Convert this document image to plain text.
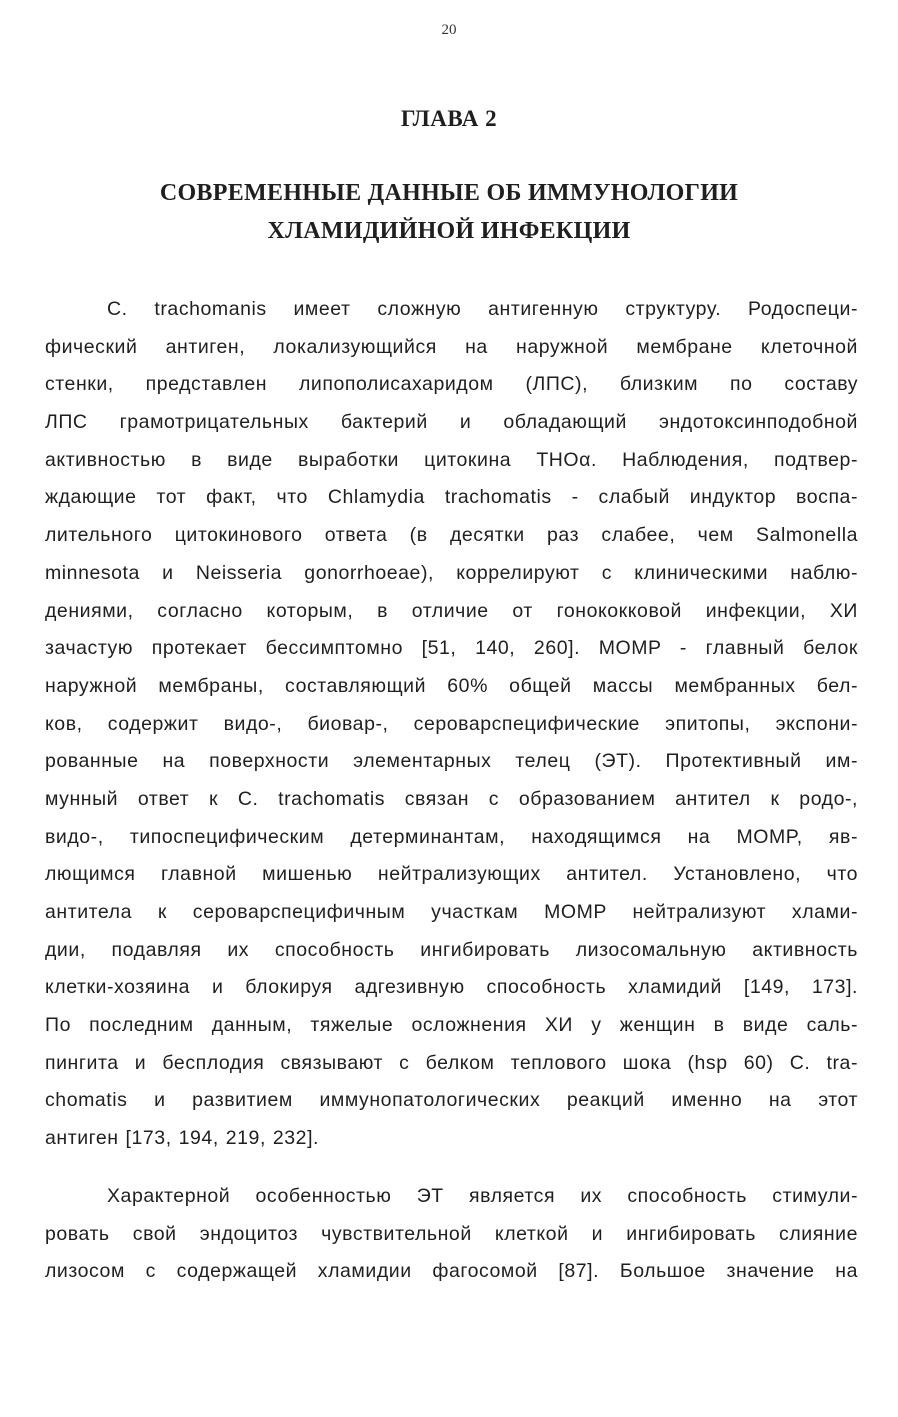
20
ГЛАВА 2
СОВРЕМЕННЫЕ ДАННЫЕ ОБ ИММУНОЛОГИИ
ХЛАМИДИЙНОЙ ИНФЕКЦИИ
C. trachomanis имеет сложную антигенную структуру. Родоспеци-
фический антиген, локализующийся на наружной мембране клеточной
стенки, представлен липополисахаридом (ЛПС), близким по составу
ЛПС грамотрицательных бактерий и обладающий эндотоксинподобной
активностью в виде выработки цитокина ТНОα. Наблюдения, подтвер-
ждающие тот факт, что Chlamydia trachomatis - слабый индуктор воспа-
лительного цитокинового ответа (в десятки раз слабее, чем Salmonella
minnesota и Neisseria gonorrhoeae), коррелируют с клиническими наблю-
дениями, согласно которым, в отличие от гонококковой инфекции, ХИ
зачастую протекает бессимптомно [51, 140, 260]. MOMP - главный белок
наружной мембраны, составляющий 60% общей массы мембранных бел-
ков, содержит видо-, биовар-, сероварспецифические эпитопы, экспони-
рованные на поверхности элементарных телец (ЭТ). Протективный им-
мунный ответ к C. trachomatis связан с образованием антител к родо-,
видо-, типоспецифическим детерминантам, находящимся на MOMP, яв-
лющимся главной мишенью нейтрализующих антител. Установлено, что
антитела к сероварспецифичным участкам MOMP нейтрализуют хлами-
дии, подавляя их способность ингибировать лизосомальную активность
клетки-хозяина и блокируя адгезивную способность хламидий [149, 173].
По последним данным, тяжелые осложнения ХИ у женщин в виде саль-
пингита и бесплодия связывают с белком теплового шока (hsp 60) C. tra-
chomatis и развитием иммунопатологических реакций именно на этот
антиген [173, 194, 219, 232].
Характерной особенностью ЭТ является их способность стимули-
ровать свой эндоцитоз чувствительной клеткой и ингибировать слияние
лизосом с содержащей хламидии фагосомой [87]. Большое значение на
